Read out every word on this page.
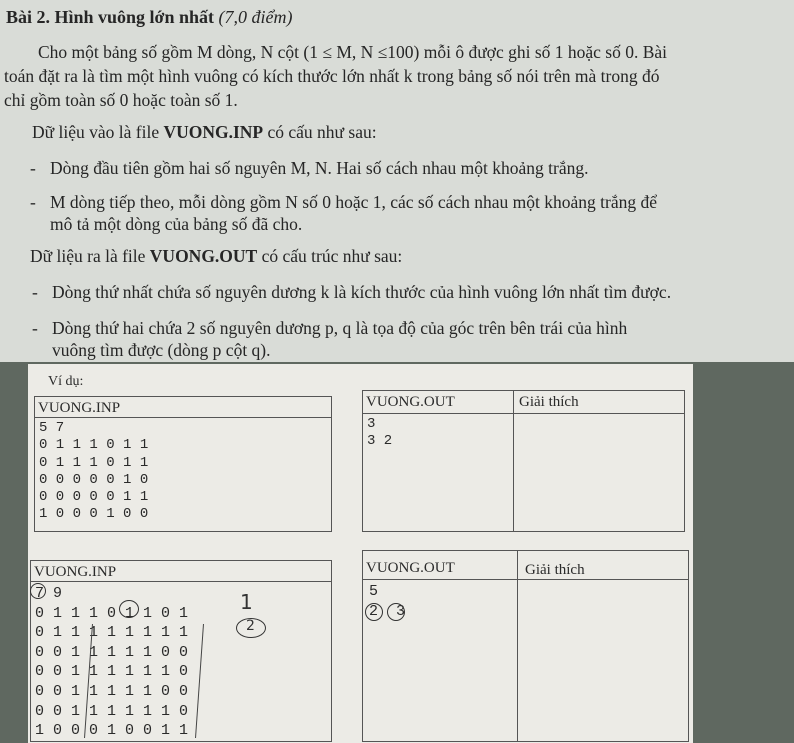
Bài 2. Hình vuông lớn nhất (7,0 điểm)
Cho một bảng số gồm M dòng, N cột (1 ≤ M, N ≤100) mỗi ô được ghi số 1 hoặc số 0. Bài
toán đặt ra là tìm một hình vuông có kích thước lớn nhất k trong bảng số nói trên mà trong đó
chỉ gồm toàn số 0 hoặc toàn số 1.
Dữ liệu vào là file VUONG.INP có cấu như sau:
- Dòng đầu tiên gồm hai số nguyên M, N. Hai số cách nhau một khoảng trắng.
- M dòng tiếp theo, mỗi dòng gồm N số 0 hoặc 1, các số cách nhau một khoảng trắng để
mô tả một dòng của bảng số đã cho.
Dữ liệu ra là file VUONG.OUT có cấu trúc như sau:
- Dòng thứ nhất chứa số nguyên dương k là kích thước của hình vuông lớn nhất tìm được.
- Dòng thứ hai chứa 2 số nguyên dương p, q là tọa độ của góc trên bên trái của hình
vuông tìm được (dòng p cột q).
Ví dụ:
VUONG.INP
5 7
0 1 1 1 0 1 1
0 1 1 1 0 1 1
0 0 0 0 0 1 0
0 0 0 0 0 1 1
1 0 0 0 1 0 0
VUONG.OUT	Giải thích
3
3 2
VUONG.INP
7 9
0 1 1 1 0 1 1 0 1
0 1 1 1 1 1 1 1 1
0 0 1 1 1 1 1 0 0
0 0 1 1 1 1 1 1 0
0 0 1 1 1 1 1 0 0
0 0 1 1 1 1 1 1 0
1 0 0 0 1 0 0 1 1
VUONG.OUT	Giải thích
5
2 3
1
2
